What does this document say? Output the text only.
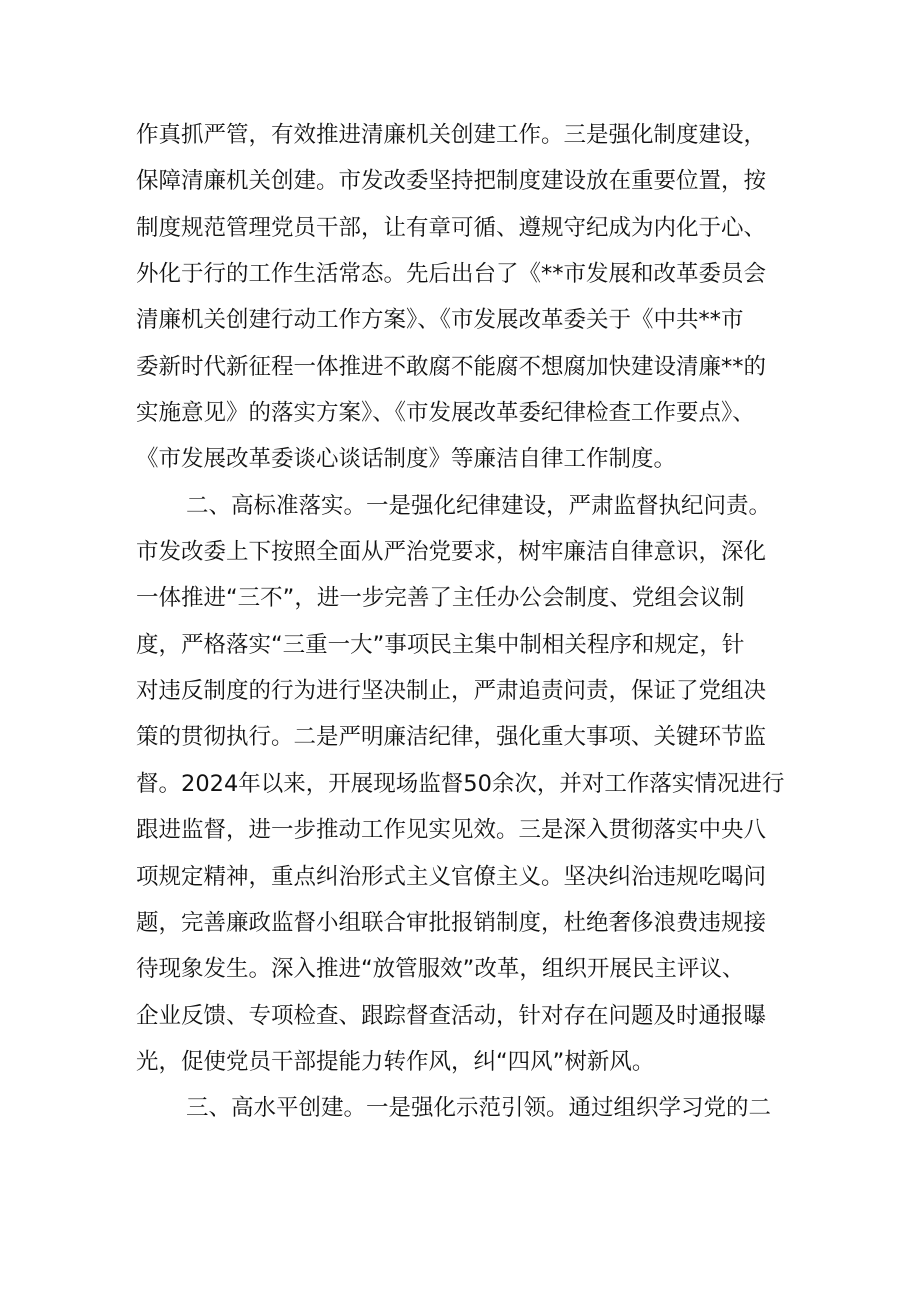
作真抓严管，有效推进清廉机关创建工作。三是强化制度建设，
保障清廉机关创建。市发改委坚持把制度建设放在重要位置，按
制度规范管理党员干部，让有章可循、遵规守纪成为内化于心、
外化于行的工作生活常态。先后出台了《**市发展和改革委员会
清廉机关创建行动工作方案》、《市发展改革委关于《中共**市
委新时代新征程一体推进不敢腐不能腐不想腐加快建设清廉**的
实施意见》的落实方案》、《市发展改革委纪律检查工作要点》、
《市发展改革委谈心谈话制度》等廉洁自律工作制度。
二、高标准落实。一是强化纪律建设，严肃监督执纪问责。
市发改委上下按照全面从严治党要求，树牢廉洁自律意识，深化
一体推进“三不”，进一步完善了主任办公会制度、党组会议制
度，严格落实“三重一大”事项民主集中制相关程序和规定，针
对违反制度的行为进行坚决制止，严肃追责问责，保证了党组决
策的贯彻执行。二是严明廉洁纪律，强化重大事项、关键环节监
督。2024年以来，开展现场监督50余次，并对工作落实情况进行
跟进监督，进一步推动工作见实见效。三是深入贯彻落实中央八
项规定精神，重点纠治形式主义官僚主义。坚决纠治违规吃喝问
题，完善廉政监督小组联合审批报销制度，杜绝奢侈浪费违规接
待现象发生。深入推进“放管服效”改革，组织开展民主评议、
企业反馈、专项检查、跟踪督查活动，针对存在问题及时通报曝
光，促使党员干部提能力转作风，纠“四风”树新风。
三、高水平创建。一是强化示范引领。通过组织学习党的二
